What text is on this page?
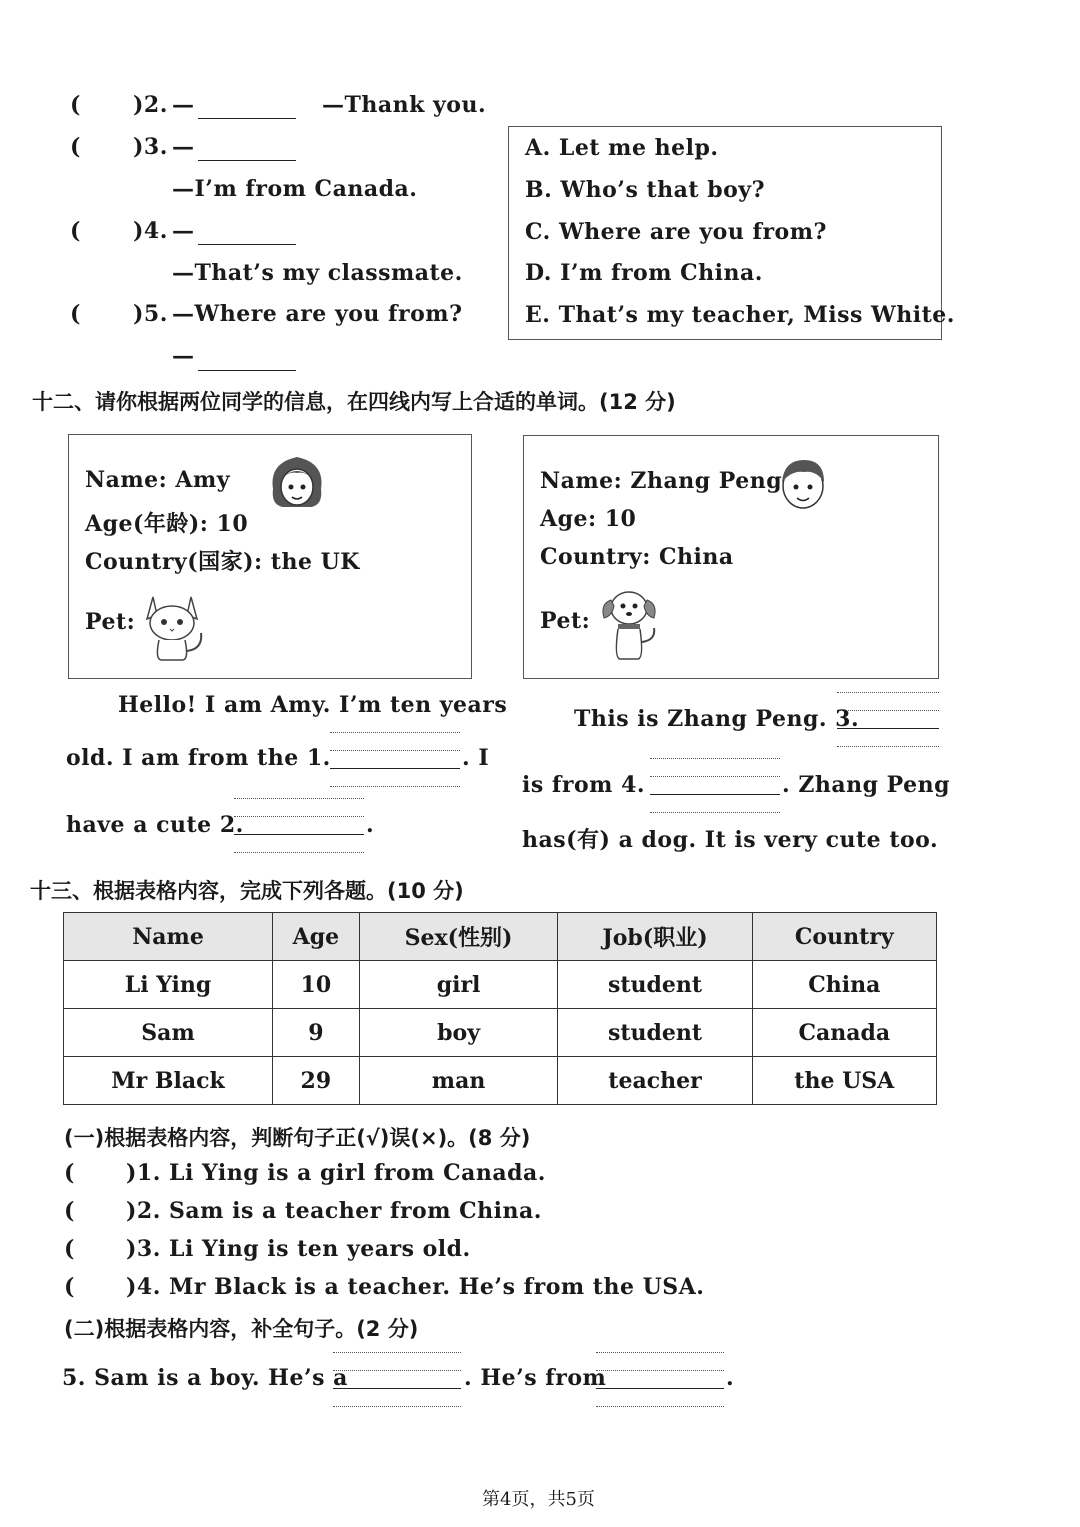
( )2. —	—Thank you.
( )3. —
—I’m from Canada.
( )4. —
—That’s my classmate.
( )5. —Where are you from?
—
A. Let me help.
B. Who’s that boy?
C. Where are you from?
D. I’m from China.
E. That’s my teacher, Miss White.
十二、请你根据两位同学的信息，在四线内写上合适的单词。(12 分)
Name: Amy
Age(年龄): 10
Country(国家): the UK
Pet:
Name: Zhang Peng
Age: 10
Country: China
Pet:
Hello! I am Amy. I’m ten years
old. I am from the 1.	. I
have a cute 2.	.
This is Zhang Peng. 3.
is from 4.	. Zhang Peng
has(有) a dog. It is very cute too.
十三、根据表格内容，完成下列各题。(10 分)
Name	Age	Sex(性别)	Job(职业)	Country
Li Ying	10	girl	student	China
Sam	9	boy	student	Canada
Mr Black	29	man	teacher	the USA
(一)根据表格内容，判断句子正(√)误(×)。(8 分)
( )1. Li Ying is a girl from Canada.
( )2. Sam is a teacher from China.
( )3. Li Ying is ten years old.
( )4. Mr Black is a teacher. He’s from the USA.
(二)根据表格内容，补全句子。(2 分)
5. Sam is a boy. He’s a	. He’s from	.
第4页，共5页
